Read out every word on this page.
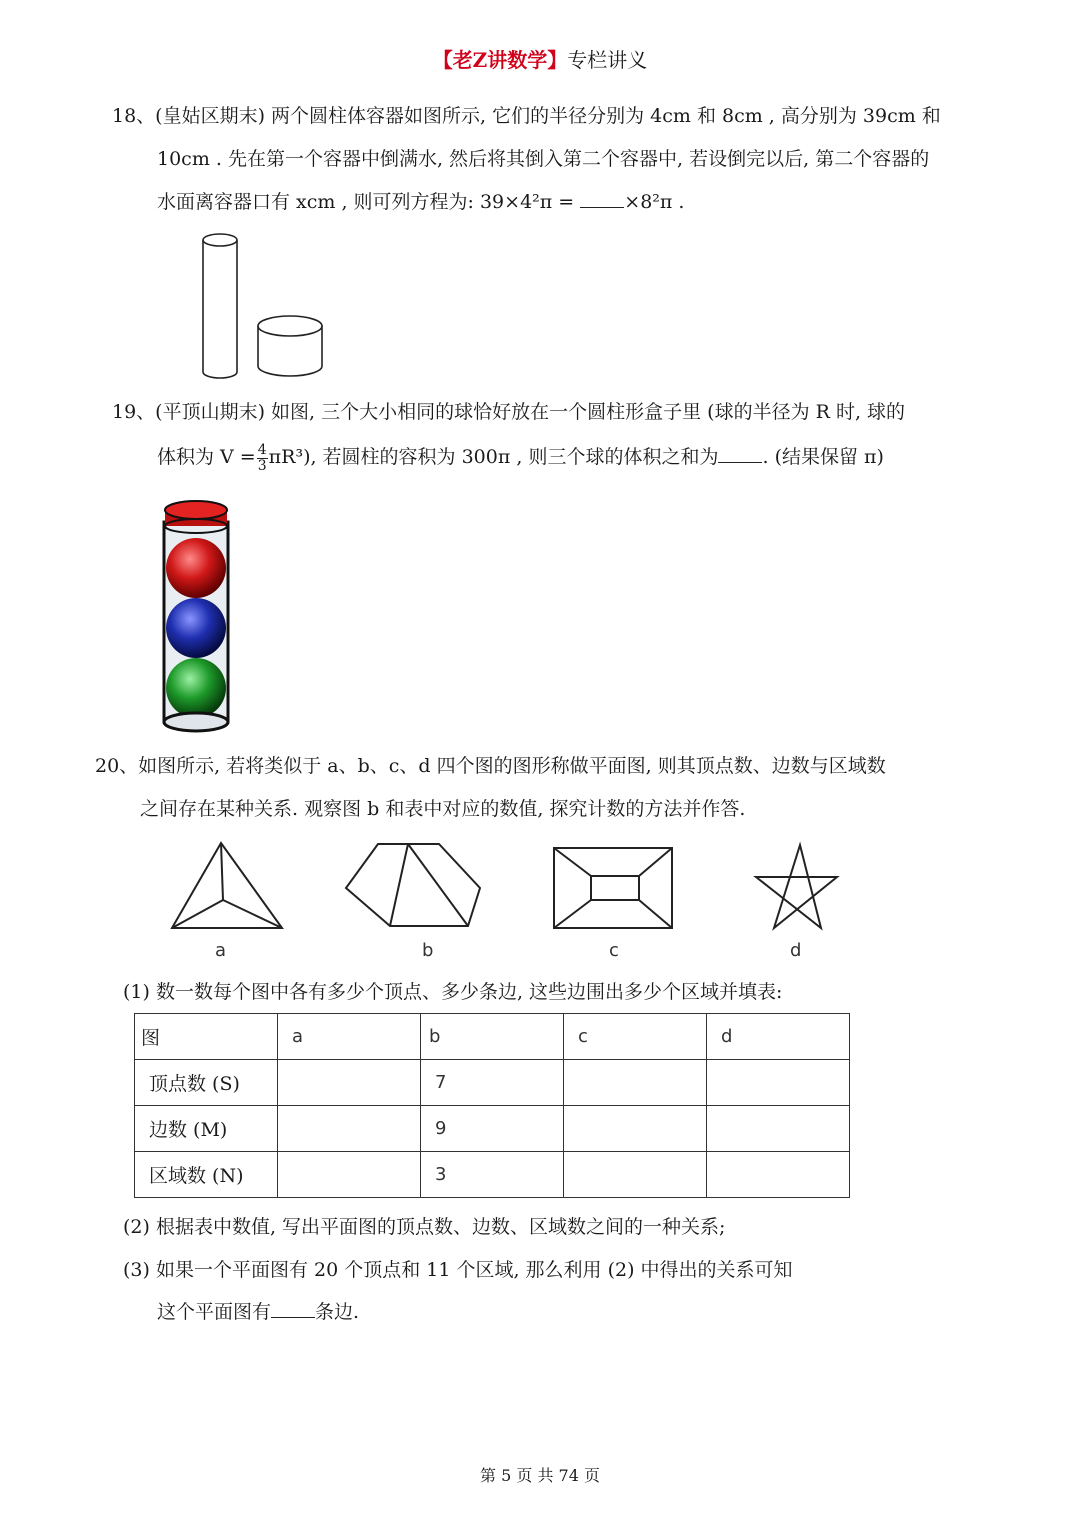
【老Z讲数学】专栏讲义
18、(皇姑区期末) 两个圆柱体容器如图所示, 它们的半径分别为 4cm 和 8cm , 高分别为 39cm 和
10cm . 先在第一个容器中倒满水, 然后将其倒入第二个容器中, 若设倒完以后, 第二个容器的
水面离容器口有 xcm , 则可列方程为: 39×4²π =	×8²π .
19、(平顶山期末) 如图, 三个大小相同的球恰好放在一个圆柱形盒子里 (球的半径为 R 时, 球的
体积为 $V = \frac{4}{3} \pi R^3$), 若圆柱的容积为 300π , 则三个球的体积之和为 . (结果保留 π)
20、如图所示, 若将类似于 a、b、c、d 四个图的图形称做平面图, 则其顶点数、边数与区域数
之间存在某种关系. 观察图 b 和表中对应的数值, 探究计数的方法并作答.
a	b	c	d
(1) 数一数每个图中各有多少个顶点、多少条边, 这些边围出多少个区域并填表:
图	a	b	c	d
顶点数 (S)		7		
边数 (M)		9		
区域数 (N)		3		
(2) 根据表中数值, 写出平面图的顶点数、边数、区域数之间的一种关系;
(3) 如果一个平面图有 20 个顶点和 11 个区域, 那么利用 (2) 中得出的关系可知
这个平面图有 条边.
第 5 页 共 74 页
